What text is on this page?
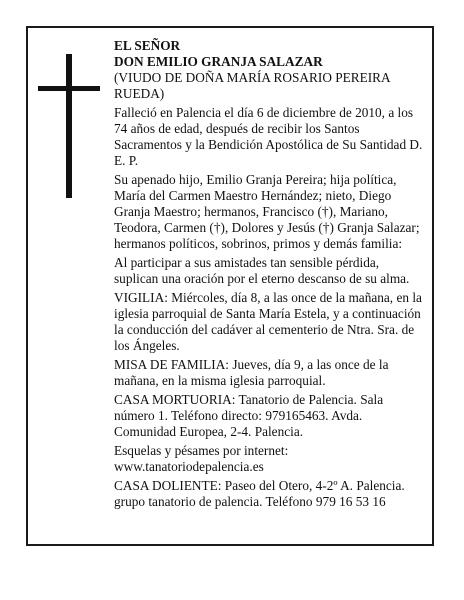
EL SEÑOR

DON EMILIO GRANJA SALAZAR

(VIUDO DE DOÑA MARÍA ROSARIO PEREIRA RUEDA)

Falleció en Palencia el día 6 de diciembre de 2010, a los 74 años de edad, después de recibir los Santos Sacramentos y la Bendición Apostólica de Su Santidad D. E. P.

Su apenado hijo, Emilio Granja Pereira; hija política, María del Carmen Maestro Hernández; nieto, Diego Granja Maestro; hermanos, Francisco (†), Mariano, Teodora, Carmen (†), Dolores y Jesús (†) Granja Salazar; hermanos políticos, sobrinos, primos y demás familia:

Al participar a sus amistades tan sensible pérdida, suplican una oración por el eterno descanso de su alma.

VIGILIA: Miércoles, día 8, a las once de la mañana, en la iglesia parroquial de Santa María Estela, y a continuación la conducción del cadáver al cementerio de Ntra. Sra. de los Ángeles.

MISA DE FAMILIA: Jueves, día 9, a las once de la mañana, en la misma iglesia parroquial.

CASA MORTUORIA: Tanatorio de Palencia. Sala número 1. Teléfono directo: 979165463. Avda. Comunidad Europea, 2-4. Palencia.

Esquelas y pésames por internet: www.tanatoriodepalencia.es

CASA DOLIENTE: Paseo del Otero, 4-2º A. Palencia.

grupo tanatorio de palencia. Teléfono 979 16 53 16
